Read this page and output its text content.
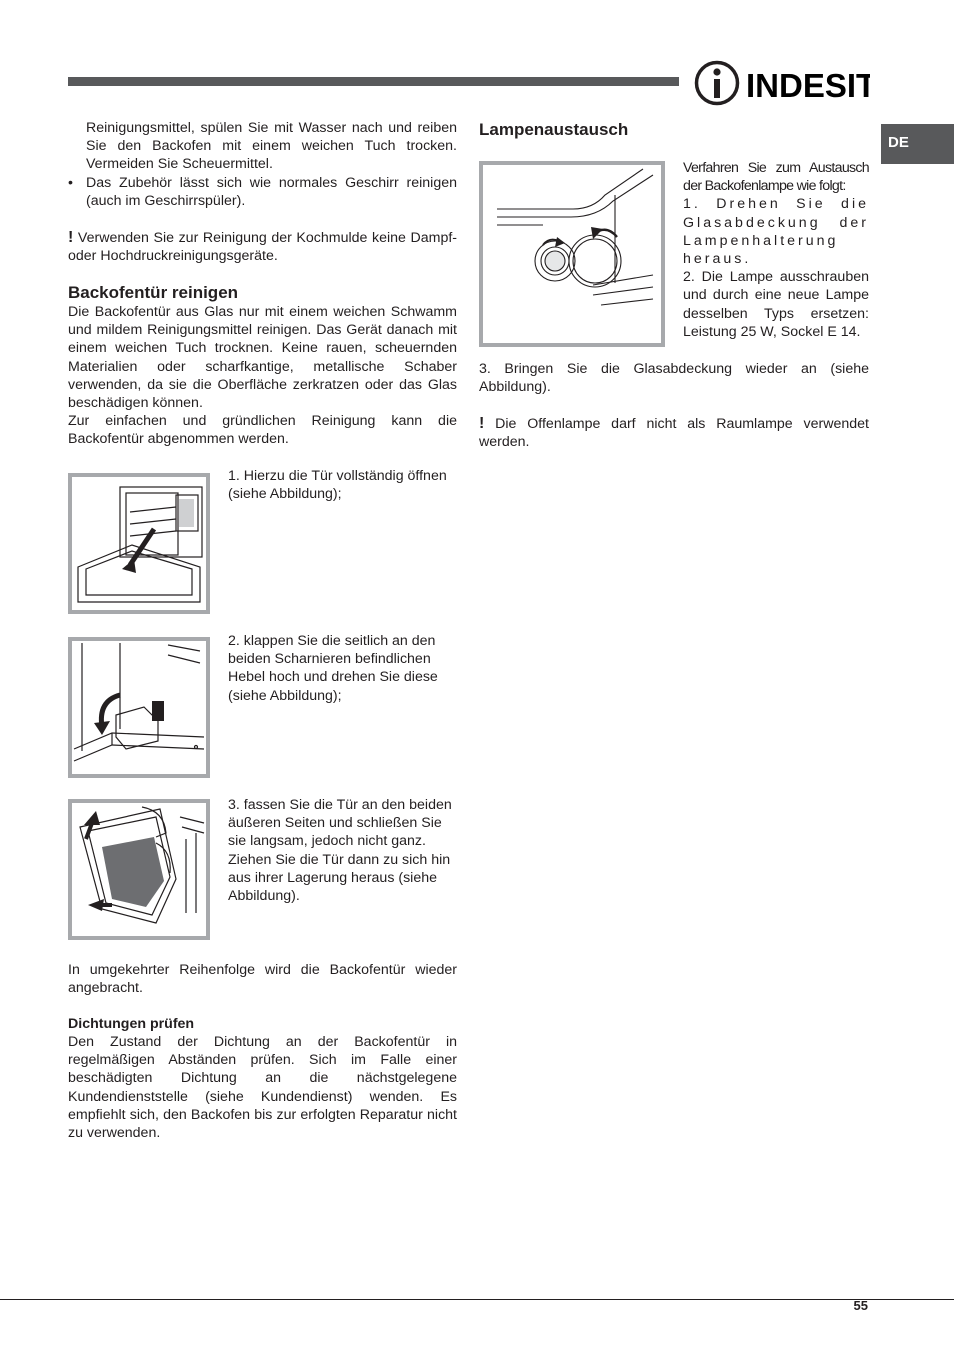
INDESIT
DE

Reinigungsmittel, spülen Sie mit Wasser nach und reiben Sie den Backofen mit einem weichen Tuch trocken. Vermeiden Sie Scheuermittel.

• Das Zubehör lässt sich wie normales Geschirr reinigen (auch im Geschirrspüler).

! Verwenden Sie zur Reinigung der Kochmulde keine Dampf- oder Hochdruckreinigungsgeräte.

Backofentür reinigen

Die Backofentür aus Glas nur mit einem weichen Schwamm und mildem Reinigungsmittel reinigen. Das Gerät danach mit einem weichen Tuch trocknen. Keine rauen, scheuernden Materialien oder scharfkantige, metallische Schaber verwenden, da sie die Oberfläche zerkratzen oder das Glas beschädigen können.

Zur einfachen und gründlichen Reinigung kann die Backofentür abgenommen werden.

1. Hierzu die Tür vollständig öffnen (siehe Abbildung);

2. klappen Sie die seitlich an den beiden Scharnieren befindlichen Hebel hoch und drehen Sie diese (siehe Abbildung);

3. fassen Sie die Tür an den beiden äußeren Seiten und schließen Sie sie langsam, jedoch nicht ganz. Ziehen Sie die Tür dann zu sich hin aus ihrer Lagerung heraus (siehe Abbildung).

In umgekehrter Reihenfolge wird die Backofentür wieder angebracht.

Dichtungen prüfen

Den Zustand der Dichtung an der Backofentür in regelmäßigen Abständen prüfen. Sich im Falle einer beschädigten Dichtung an die nächstgelegene Kundendienststelle (siehe Kundendienst) wenden. Es empfiehlt sich, den Backofen bis zur erfolgten Reparatur nicht zu verwenden.

Lampenaustausch

Verfahren Sie zum Austausch der Backofenlampe wie folgt:

1. Drehen Sie die Glasabdeckung der Lampenhalterung heraus.

2. Die Lampe ausschrauben und durch eine neue Lampe desselben Typs ersetzen: Leistung 25 W, Sockel E 14.

3. Bringen Sie die Glasabdeckung wieder an (siehe Abbildung).

! Die Offenlampe darf nicht als Raumlampe verwendet werden.

55
